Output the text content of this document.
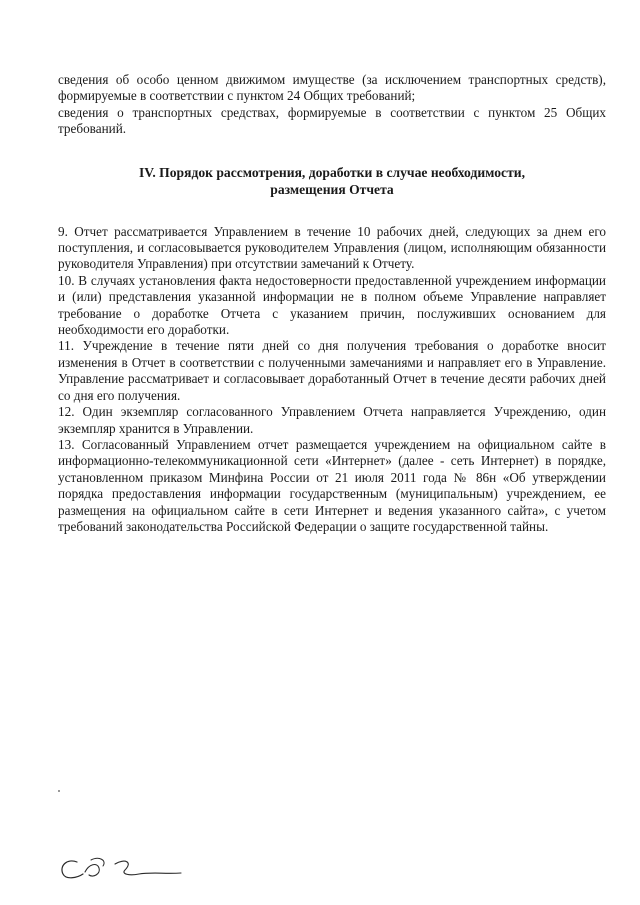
сведения об особо ценном движимом имуществе (за исключением транспортных средств), формируемые в соответствии с пунктом 24 Общих требований;

сведения о транспортных средствах, формируемые в соответствии с пунктом 25 Общих требований.

IV. Порядок рассмотрения, доработки в случае необходимости,
размещения Отчета

9. Отчет рассматривается Управлением в течение 10 рабочих дней, следующих за днем его поступления, и согласовывается руководителем Управления (лицом, исполняющим обязанности руководителя Управления) при отсутствии замечаний к Отчету.

10. В случаях установления факта недостоверности предоставленной учреждением информации и (или) представления указанной информации не в полном объеме Управление направляет требование о доработке Отчета с указанием причин, послуживших основанием для необходимости его доработки.

11. Учреждение в течение пяти дней со дня получения требования о доработке вносит изменения в Отчет в соответствии с полученными замечаниями и направляет его в Управление. Управление рассматривает и согласовывает доработанный Отчет в течение десяти рабочих дней со дня его получения.

12. Один экземпляр согласованного Управлением Отчета направляется Учреждению, один экземпляр хранится в Управлении.

13. Согласованный Управлением отчет размещается учреждением на официальном сайте в информационно-телекоммуникационной сети «Интернет» (далее - сеть Интернет) в порядке, установленном приказом Минфина России от 21 июля 2011 года № 86н «Об утверждении порядка предоставления информации государственным (муниципальным) учреждением, ее размещения на официальном сайте в сети Интернет и ведения указанного сайта», с учетом требований законодательства Российской Федерации о защите государственной тайны.
